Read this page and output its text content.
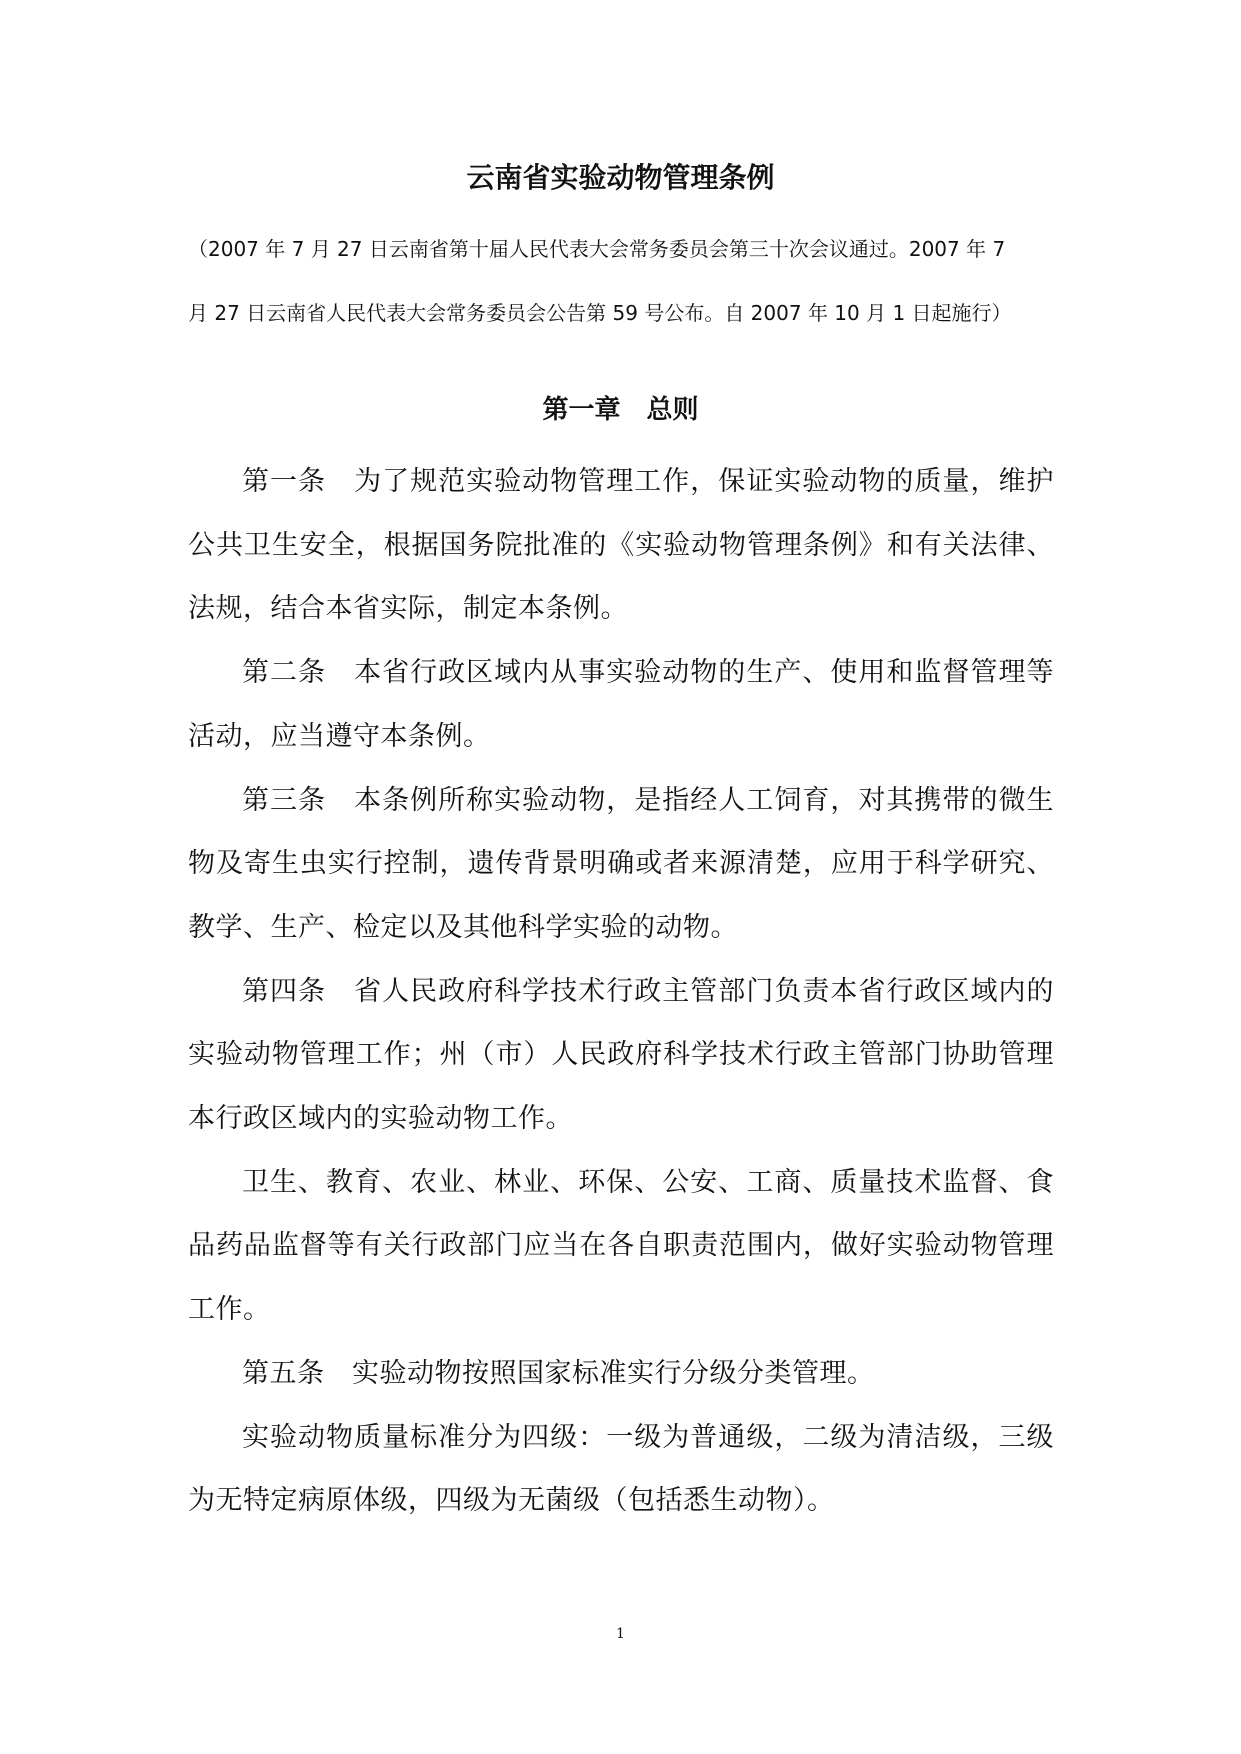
云南省实验动物管理条例
（2007 年 7 月 27 日云南省第十届人民代表大会常务委员会第三十次会议通过。2007 年 7
月 27 日云南省人民代表大会常务委员会公告第 59 号公布。自 2007 年 10 月 1 日起施行）
第一章　总则

第一条　为了规范实验动物管理工作，保证实验动物的质量，维护公共卫生安全，根据国务院批准的《实验动物管理条例》和有关法律、法规，结合本省实际，制定本条例。

第二条　本省行政区域内从事实验动物的生产、使用和监督管理等活动，应当遵守本条例。

第三条　本条例所称实验动物，是指经人工饲育，对其携带的微生物及寄生虫实行控制，遗传背景明确或者来源清楚，应用于科学研究、教学、生产、检定以及其他科学实验的动物。

第四条　省人民政府科学技术行政主管部门负责本省行政区域内的实验动物管理工作；州（市）人民政府科学技术行政主管部门协助管理本行政区域内的实验动物工作。

卫生、教育、农业、林业、环保、公安、工商、质量技术监督、食品药品监督等有关行政部门应当在各自职责范围内，做好实验动物管理工作。

第五条　实验动物按照国家标准实行分级分类管理。

实验动物质量标准分为四级：一级为普通级，二级为清洁级，三级为无特定病原体级，四级为无菌级（包括悉生动物）。

1
